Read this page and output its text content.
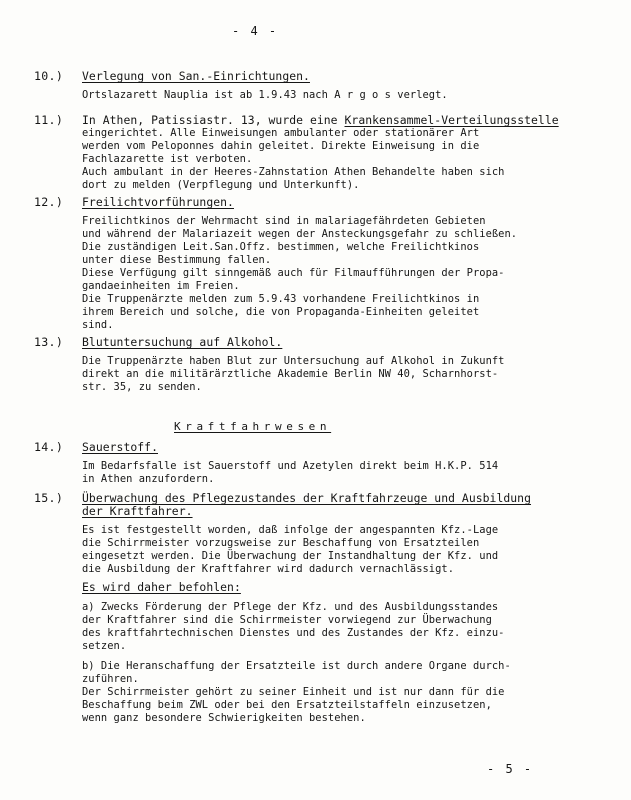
- 4 -
10.) Verlegung von San.-Einrichtungen.
Ortslazarett Nauplia ist ab 1.9.43 nach A r g o s verlegt.
11.) In Athen, Patissiastr. 13, wurde eine Krankensammel-Verteilungsstelle
eingerichtet. Alle Einweisungen ambulanter oder stationärer Art
werden vom Peloponnes dahin geleitet. Direkte Einweisung in die
Fachlazarette ist verboten.
Auch ambulant in der Heeres-Zahnstation Athen Behandelte haben sich
dort zu melden (Verpflegung und Unterkunft).
12.) Freilichtvorführungen.
Freilichtkinos der Wehrmacht sind in malariagefährdeten Gebieten
und während der Malariazeit wegen der Ansteckungsgefahr zu schließen.
Die zuständigen Leit.San.Offz. bestimmen, welche Freilichtkinos
unter diese Bestimmung fallen.
Diese Verfügung gilt sinngemäß auch für Filmaufführungen der Propa-
gandaeinheiten im Freien.
Die Truppenärzte melden zum 5.9.43 vorhandene Freilichtkinos in
ihrem Bereich und solche, die von Propaganda-Einheiten geleitet
sind.
13.) Blutuntersuchung auf Alkohol.
Die Truppenärzte haben Blut zur Untersuchung auf Alkohol in Zukunft
direkt an die militärärztliche Akademie Berlin NW 40, Scharnhorst-
str. 35, zu senden.
Kraftfahrwesen
14.) Sauerstoff.
Im Bedarfsfalle ist Sauerstoff und Azetylen direkt beim H.K.P. 514
in Athen anzufordern.
15.) Überwachung des Pflegezustandes der Kraftfahrzeuge und Ausbildung
der Kraftfahrer.
Es ist festgestellt worden, daß infolge der angespannten Kfz.-Lage
die Schirrmeister vorzugsweise zur Beschaffung von Ersatzteilen
eingesetzt werden. Die Überwachung der Instandhaltung der Kfz. und
die Ausbildung der Kraftfahrer wird dadurch vernachlässigt.
Es wird daher befohlen:
a) Zwecks Förderung der Pflege der Kfz. und des Ausbildungsstandes
der Kraftfahrer sind die Schirrmeister vorwiegend zur Überwachung
des kraftfahrtechnischen Dienstes und des Zustandes der Kfz. einzu-
setzen.
b) Die Heranschaffung der Ersatzteile ist durch andere Organe durch-
zuführen.
Der Schirrmeister gehört zu seiner Einheit und ist nur dann für die
Beschaffung beim ZWL oder bei den Ersatzteilstaffeln einzusetzen,
wenn ganz besondere Schwierigkeiten bestehen.
- 5 -
